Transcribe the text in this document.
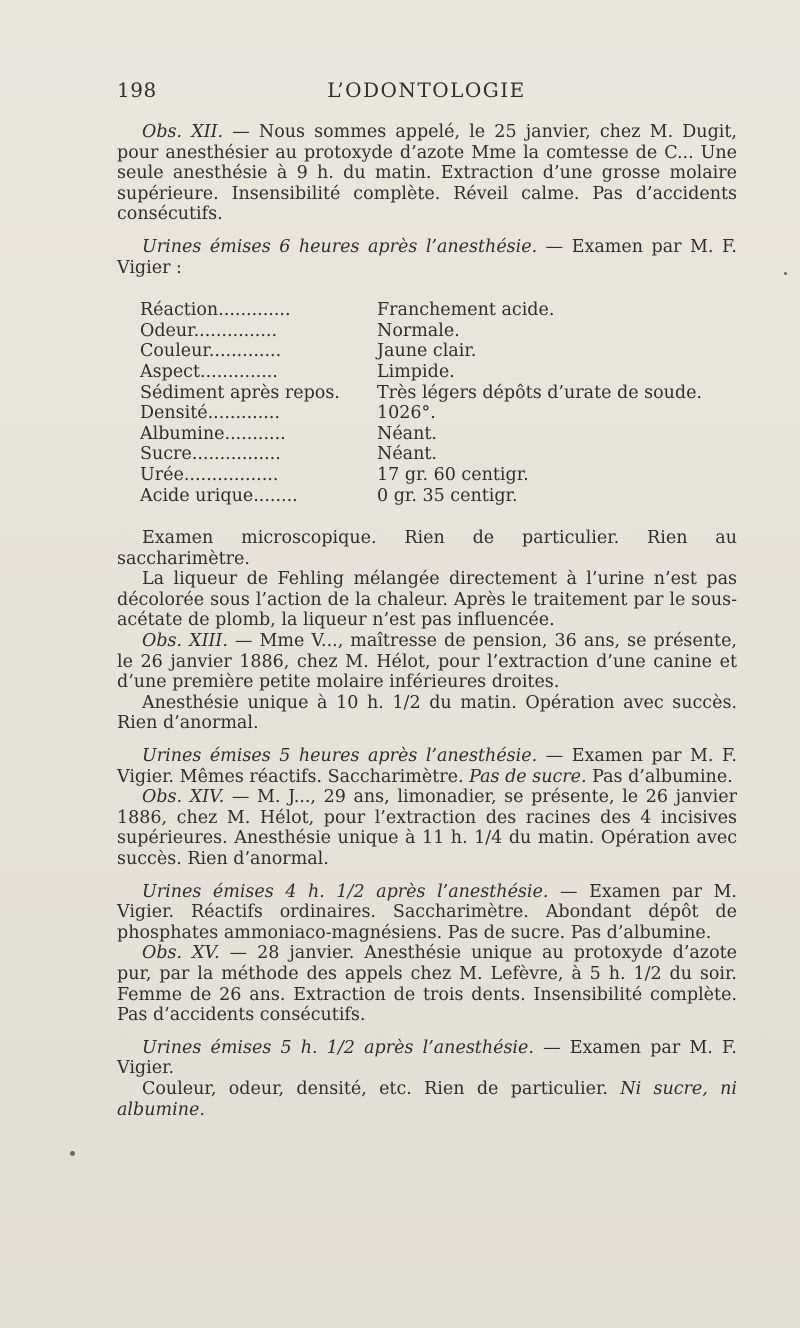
198	L’ODONTOLOGIE

Obs. XII. — Nous sommes appelé, le 25 janvier, chez M. Dugit, pour anesthésier au protoxyde d’azote Mme la comtesse de C... Une seule anesthésie à 9 h. du matin. Extraction d’une grosse molaire supérieure. Insensibilité complète. Réveil calme. Pas d’accidents consécutifs.

Urines émises 6 heures après l’anesthésie. — Examen par M. F. Vigier :

Réaction.............	Franchement acide.
Odeur...............	Normale.
Couleur.............	Jaune clair.
Aspect..............	Limpide.
Sédiment après repos.	Très légers dépôts d’urate de soude.
Densité.............	1026°.
Albumine...........	Néant.
Sucre................	Néant.
Urée.................	17 gr. 60 centigr.
Acide urique........	0 gr. 35 centigr.

Examen microscopique. Rien de particulier. Rien au saccharimètre.

La liqueur de Fehling mélangée directement à l’urine n’est pas décolorée sous l’action de la chaleur. Après le traitement par le sous-acétate de plomb, la liqueur n’est pas influencée.

Obs. XIII. — Mme V..., maîtresse de pension, 36 ans, se présente, le 26 janvier 1886, chez M. Hélot, pour l’extraction d’une canine et d’une première petite molaire inférieures droites.

Anesthésie unique à 10 h. 1/2 du matin. Opération avec succès. Rien d’anormal.

Urines émises 5 heures après l’anesthésie. — Examen par M. F. Vigier. Mêmes réactifs. Saccharimètre. Pas de sucre. Pas d’albumine.

Obs. XIV. — M. J..., 29 ans, limonadier, se présente, le 26 janvier 1886, chez M. Hélot, pour l’extraction des racines des 4 incisives supérieures. Anesthésie unique à 11 h. 1/4 du matin. Opération avec succès. Rien d’anormal.

Urines émises 4 h. 1/2 après l’anesthésie. — Examen par M. Vigier. Réactifs ordinaires. Saccharimètre. Abondant dépôt de phosphates ammoniaco-magnésiens. Pas de sucre. Pas d’albumine.

Obs. XV. — 28 janvier. Anesthésie unique au protoxyde d’azote pur, par la méthode des appels chez M. Lefèvre, à 5 h. 1/2 du soir. Femme de 26 ans. Extraction de trois dents. Insensibilité complète. Pas d’accidents consécutifs.

Urines émises 5 h. 1/2 après l’anesthésie. — Examen par M. F. Vigier.

Couleur, odeur, densité, etc. Rien de particulier. Ni sucre, ni albumine.
